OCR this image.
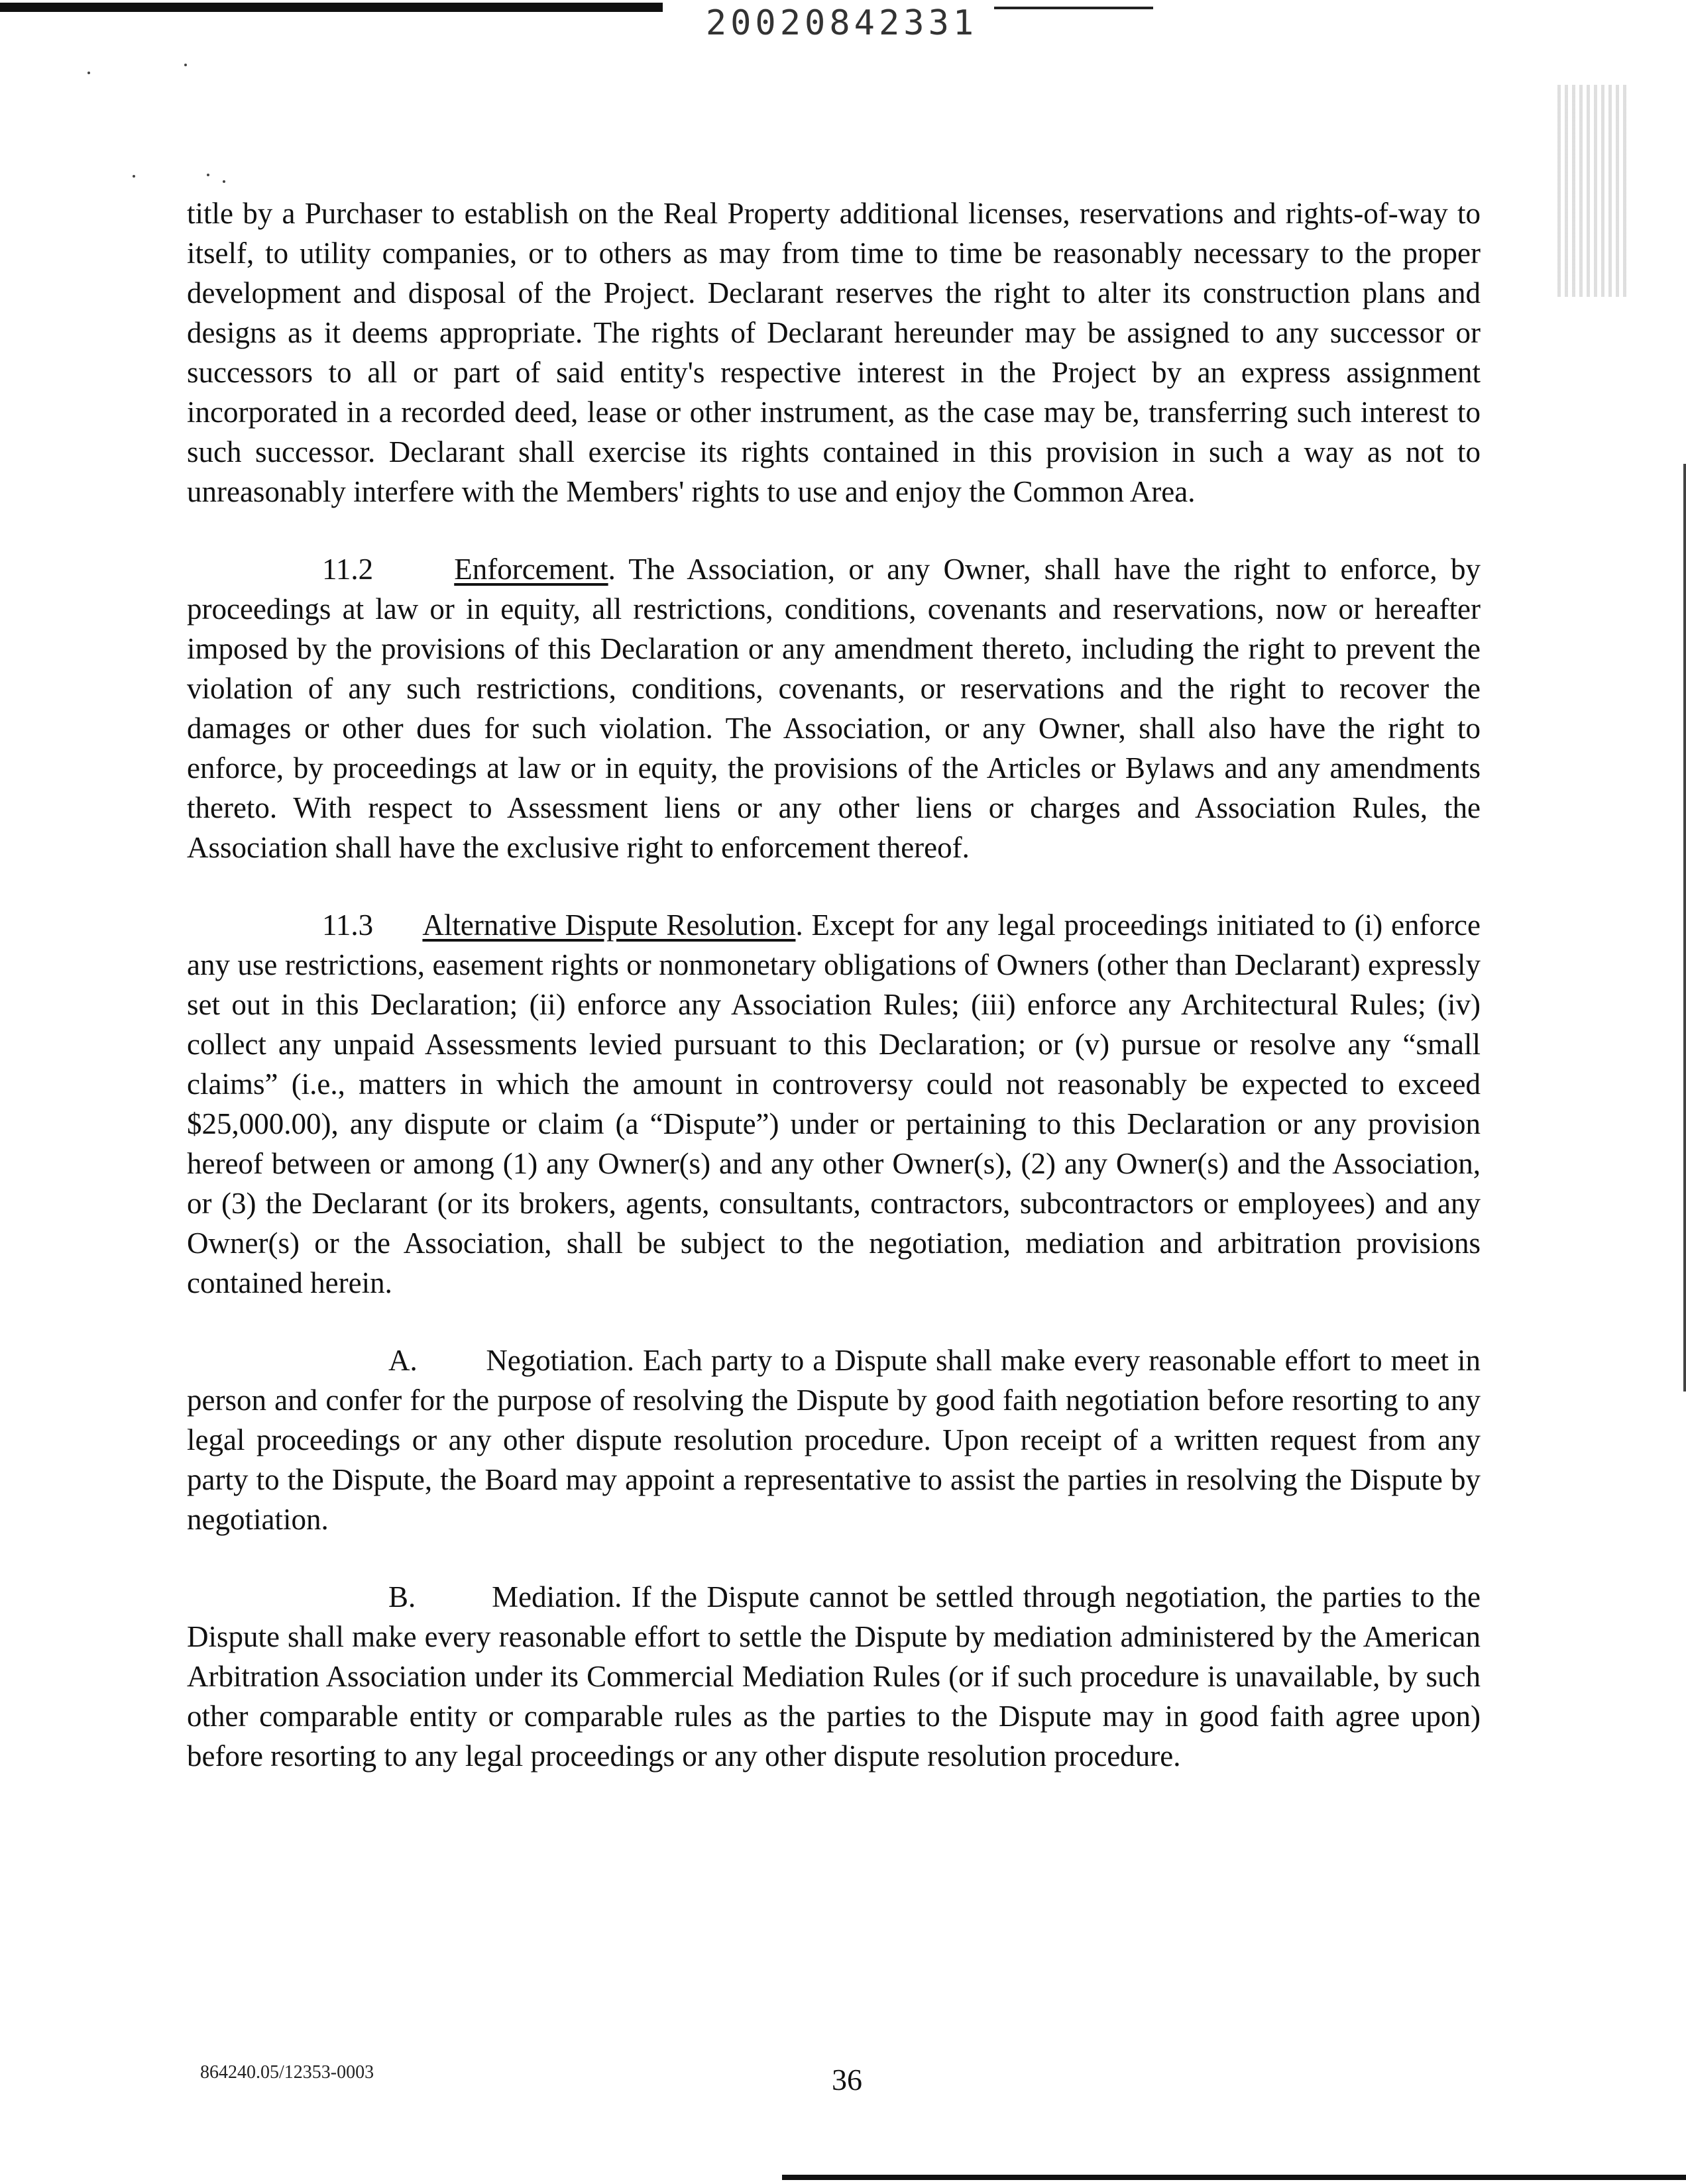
20020842331

title by a Purchaser to establish on the Real Property additional licenses, reservations and rights-of-way to itself, to utility companies, or to others as may from time to time be reasonably necessary to the proper development and disposal of the Project. Declarant reserves the right to alter its construction plans and designs as it deems appropriate. The rights of Declarant hereunder may be assigned to any successor or successors to all or part of said entity's respective interest in the Project by an express assignment incorporated in a recorded deed, lease or other instrument, as the case may be, transferring such interest to such successor. Declarant shall exercise its rights contained in this provision in such a way as not to unreasonably interfere with the Members' rights to use and enjoy the Common Area.

11.2	Enforcement. The Association, or any Owner, shall have the right to enforce, by proceedings at law or in equity, all restrictions, conditions, covenants and reservations, now or hereafter imposed by the provisions of this Declaration or any amendment thereto, including the right to prevent the violation of any such restrictions, conditions, covenants, or reservations and the right to recover the damages or other dues for such violation. The Association, or any Owner, shall also have the right to enforce, by proceedings at law or in equity, the provisions of the Articles or Bylaws and any amendments thereto. With respect to Assessment liens or any other liens or charges and Association Rules, the Association shall have the exclusive right to enforcement thereof.

11.3 Alternative Dispute Resolution. Except for any legal proceedings initiated to (i) enforce any use restrictions, easement rights or nonmonetary obligations of Owners (other than Declarant) expressly set out in this Declaration; (ii) enforce any Association Rules; (iii) enforce any Architectural Rules; (iv) collect any unpaid Assessments levied pursuant to this Declaration; or (v) pursue or resolve any “small claims” (i.e., matters in which the amount in controversy could not reasonably be expected to exceed $25,000.00), any dispute or claim (a “Dispute”) under or pertaining to this Declaration or any provision hereof between or among (1) any Owner(s) and any other Owner(s), (2) any Owner(s) and the Association, or (3) the Declarant (or its brokers, agents, consultants, contractors, subcontractors or employees) and any Owner(s) or the Association, shall be subject to the negotiation, mediation and arbitration provisions contained herein.

A. Negotiation. Each party to a Dispute shall make every reasonable effort to meet in person and confer for the purpose of resolving the Dispute by good faith negotiation before resorting to any legal proceedings or any other dispute resolution procedure. Upon receipt of a written request from any party to the Dispute, the Board may appoint a representative to assist the parties in resolving the Dispute by negotiation.

B.	Mediation. If the Dispute cannot be settled through negotiation, the parties to the Dispute shall make every reasonable effort to settle the Dispute by mediation administered by the American Arbitration Association under its Commercial Mediation Rules (or if such procedure is unavailable, by such other comparable entity or comparable rules as the parties to the Dispute may in good faith agree upon) before resorting to any legal proceedings or any other dispute resolution procedure.

864240.05/12353-0003	36
